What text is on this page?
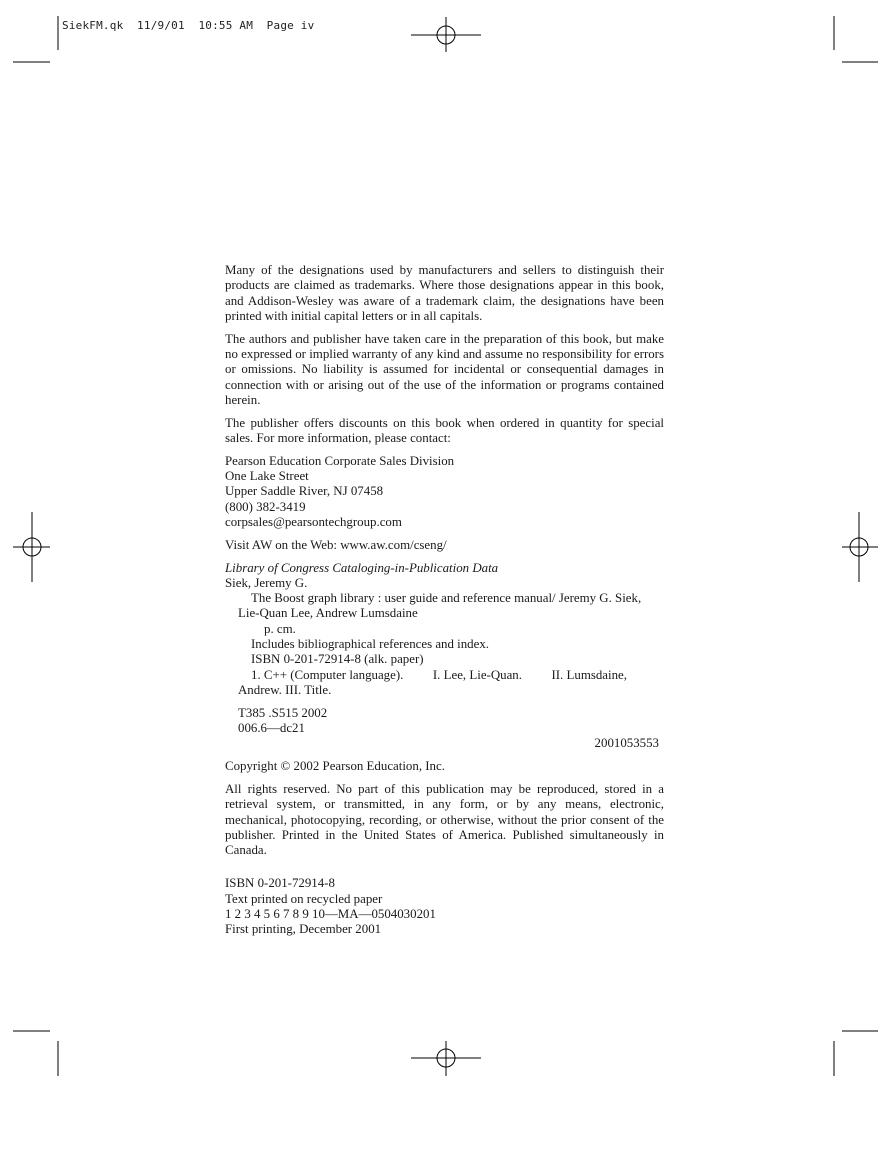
SiekFM.qk  11/9/01  10:55 AM  Page iv

Many of the designations used by manufacturers and sellers to distinguish their products are claimed as trademarks. Where those designations appear in this book, and Addison-Wesley was aware of a trademark claim, the designations have been printed with initial capital letters or in all capitals.

The authors and publisher have taken care in the preparation of this book, but make no expressed or implied warranty of any kind and assume no responsibility for errors or omissions. No liability is assumed for incidental or consequential damages in connection with or arising out of the use of the information or programs contained herein.

The publisher offers discounts on this book when ordered in quantity for special sales. For more information, please contact:

Pearson Education Corporate Sales Division

One Lake Street

Upper Saddle River, NJ 07458

(800) 382-3419

corpsales@pearsontechgroup.com

Visit AW on the Web: www.aw.com/cseng/

Library of Congress Cataloging-in-Publication Data

Siek, Jeremy G.

The Boost graph library : user guide and reference manual/ Jeremy G. Siek,

Lie-Quan Lee, Andrew Lumsdaine

p. cm.

Includes bibliographical references and index.

ISBN 0-201-72914-8 (alk. paper)

1. C++ (Computer language). I. Lee, Lie-Quan. II. Lumsdaine,

Andrew. III. Title.

T385 .S515 2002

006.6—dc21

2001053553

Copyright © 2002 Pearson Education, Inc.

All rights reserved. No part of this publication may be reproduced, stored in a retrieval system, or transmitted, in any form, or by any means, electronic, mechanical, photocopying, recording, or otherwise, without the prior consent of the publisher. Printed in the United States of America. Published simultaneously in Canada.

ISBN 0-201-72914-8

Text printed on recycled paper

1 2 3 4 5 6 7 8 9 10—MA—0504030201

First printing, December 2001
